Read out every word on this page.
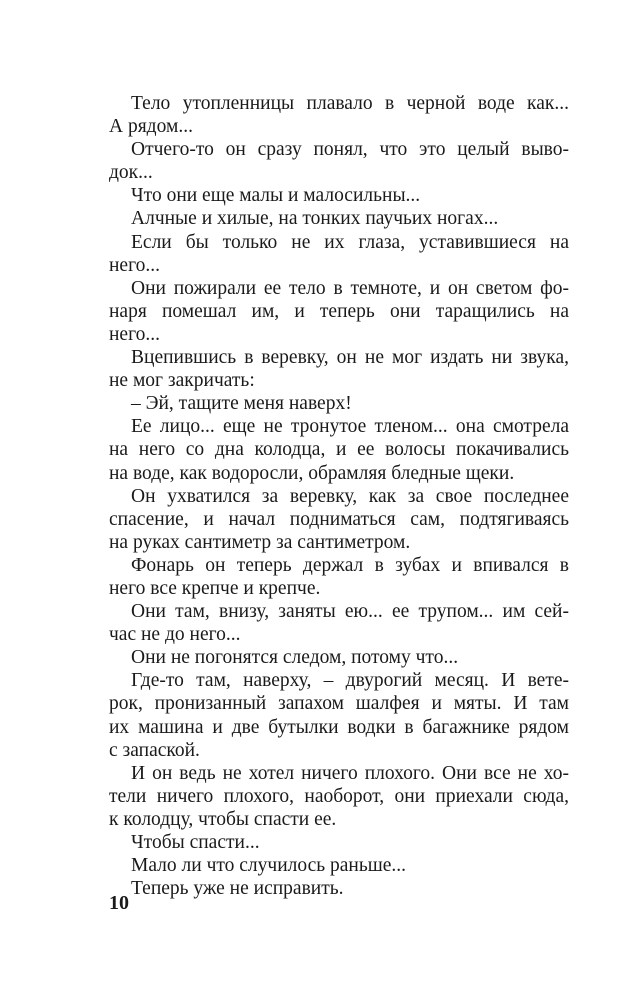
Тело утопленницы плавало в черной воде как...
А рядом...
Отчего-то он сразу понял, что это целый выво-
док...
Что они еще малы и малосильны...
Алчные и хилые, на тонких паучьих ногах...
Если бы только не их глаза, уставившиеся на
него...
Они пожирали ее тело в темноте, и он светом фо-
наря помешал им, и теперь они таращились на
него...
Вцепившись в веревку, он не мог издать ни звука,
не мог закричать:
– Эй, тащите меня наверх!
Ее лицо... еще не тронутое тленом... она смотрела
на него со дна колодца, и ее волосы покачивались
на воде, как водоросли, обрамляя бледные щеки.
Он ухватился за веревку, как за свое последнее
спасение, и начал подниматься сам, подтягиваясь
на руках сантиметр за сантиметром.
Фонарь он теперь держал в зубах и впивался в
него все крепче и крепче.
Они там, внизу, заняты ею... ее трупом... им сей-
час не до него...
Они не погонятся следом, потому что...
Где-то там, наверху, – двурогий месяц. И вете-
рок, пронизанный запахом шалфея и мяты. И там
их машина и две бутылки водки в багажнике рядом
с запаской.
И он ведь не хотел ничего плохого. Они все не хо-
тели ничего плохого, наоборот, они приехали сюда,
к колодцу, чтобы спасти ее.
Чтобы спасти...
Мало ли что случилось раньше...
Теперь уже не исправить.
10
